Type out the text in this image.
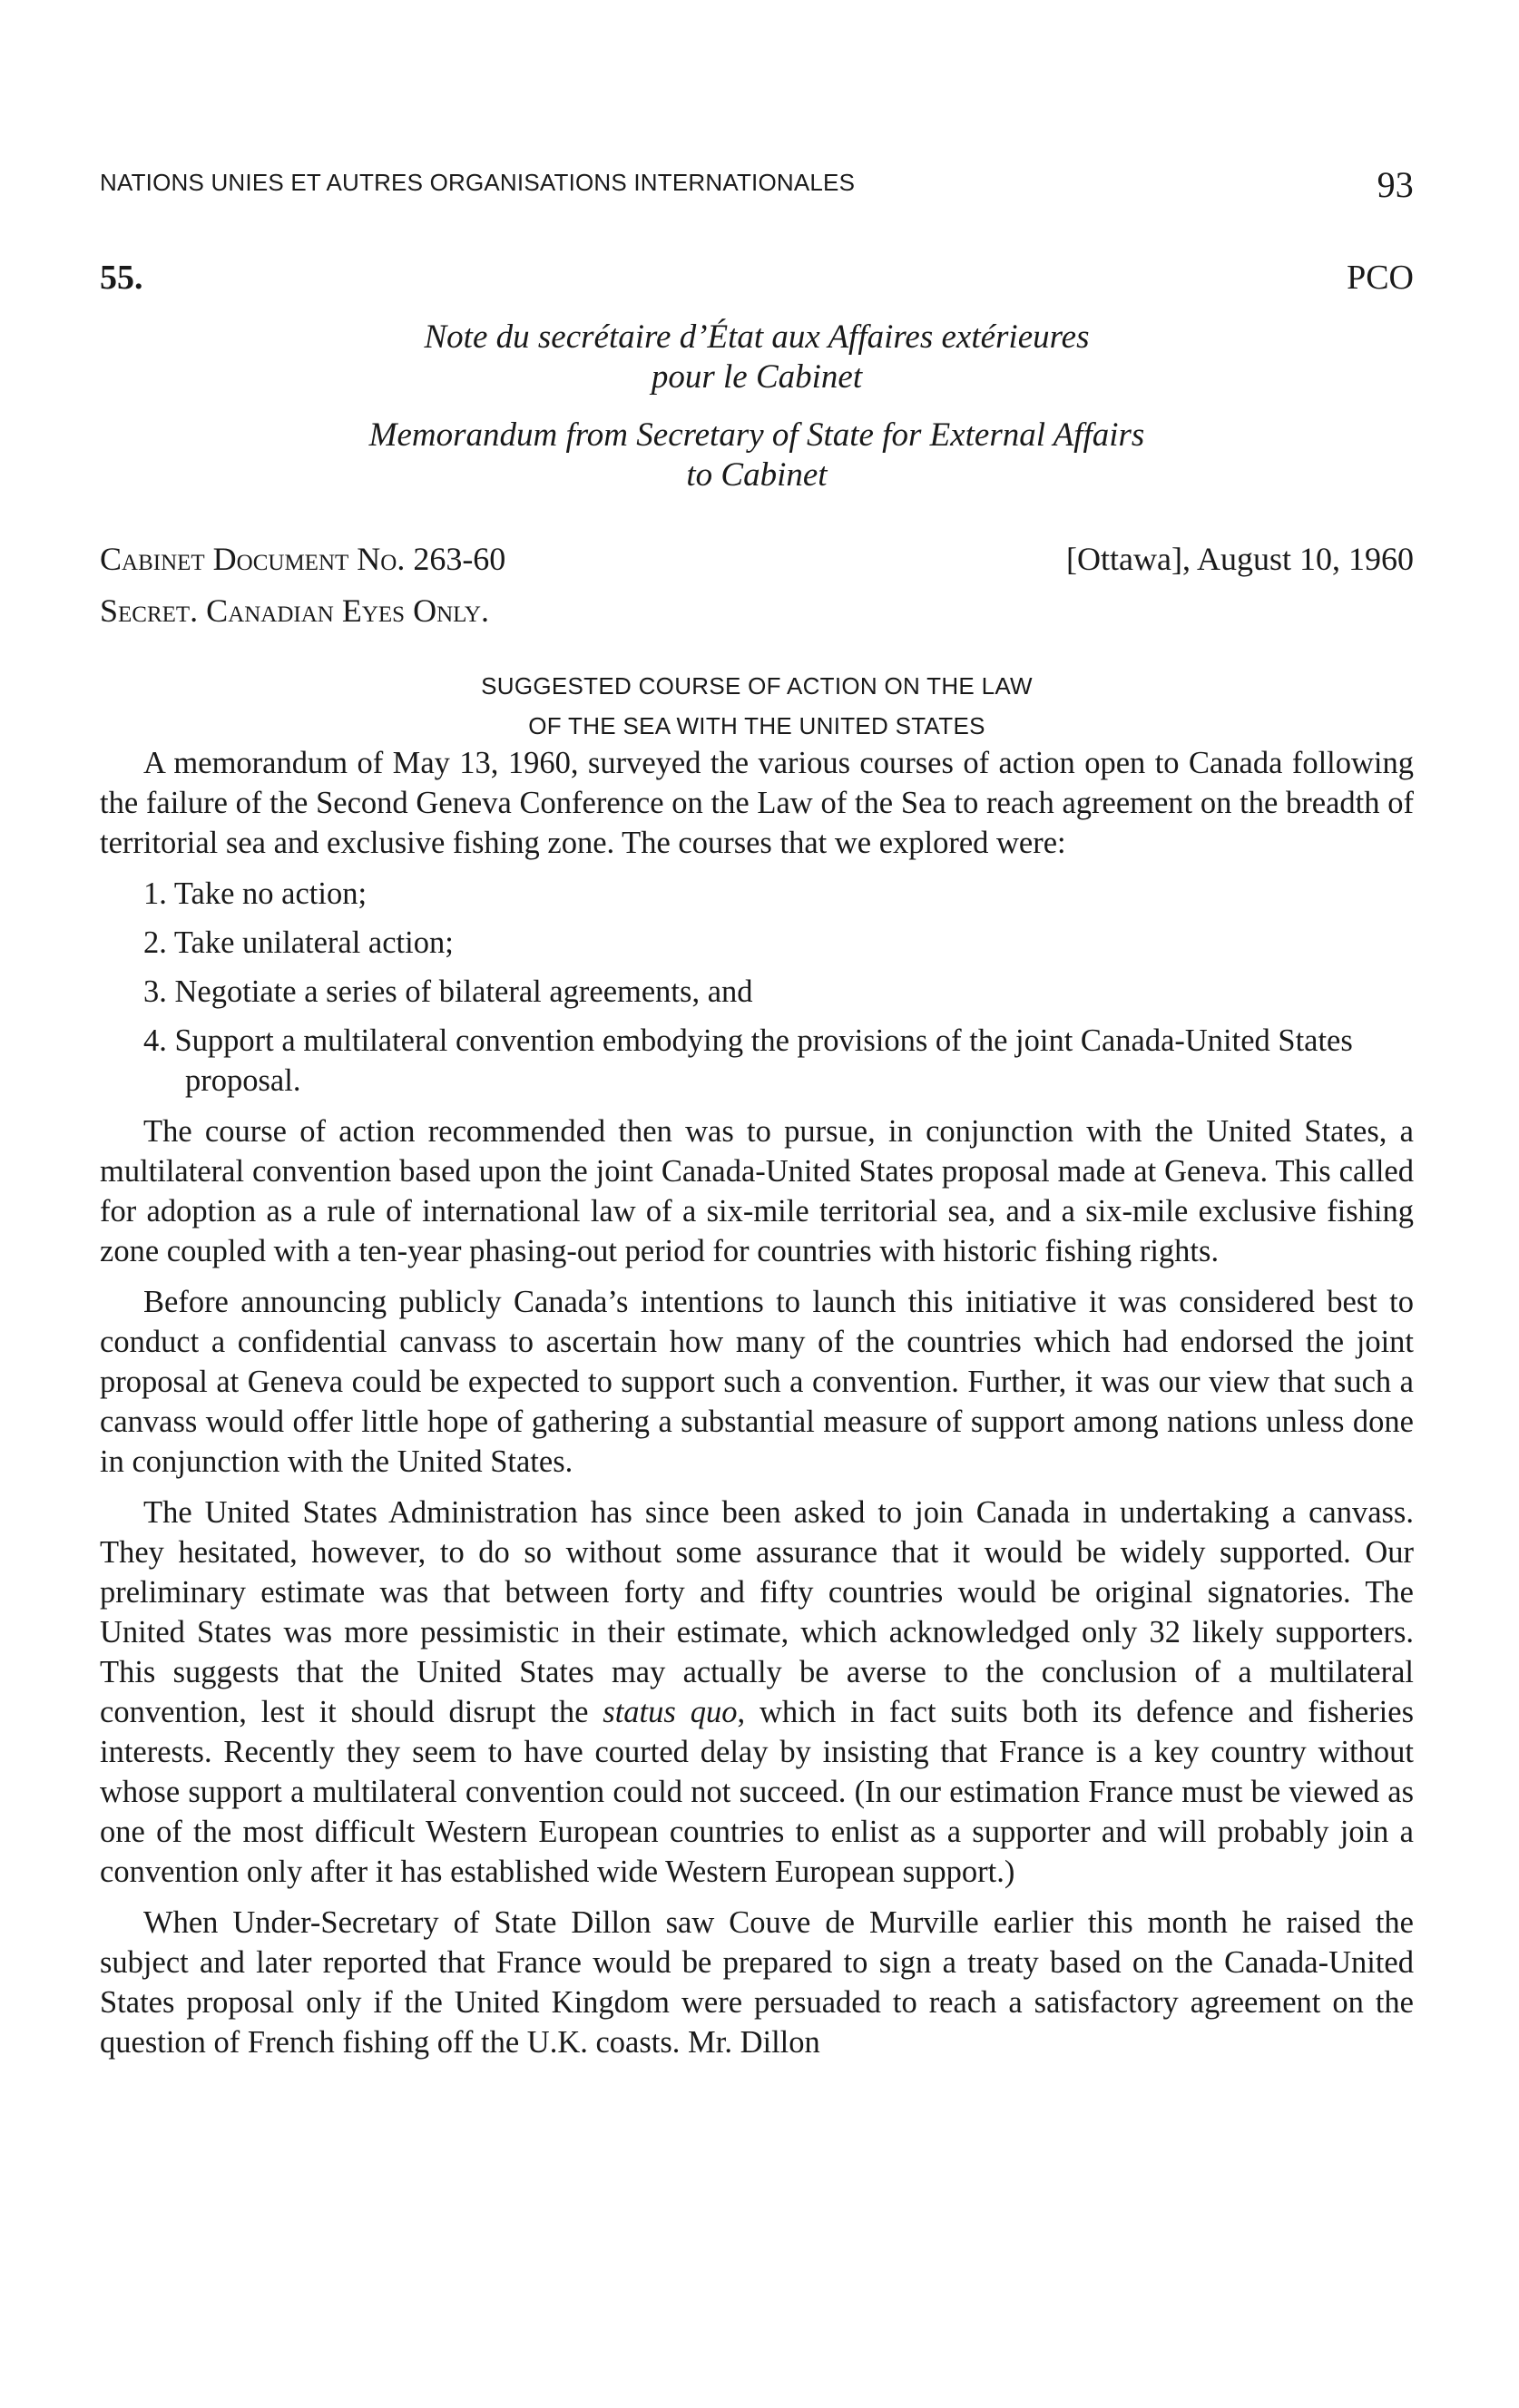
NATIONS UNIES ET AUTRES ORGANISATIONS INTERNATIONALES	93
55.	PCO
Note du secrétaire d’État aux Affaires extérieures
pour le Cabinet
Memorandum from Secretary of State for External Affairs
to Cabinet
Cabinet Document No. 263-60
Secret. Canadian Eyes Only.
[Ottawa], August 10, 1960
SUGGESTED COURSE OF ACTION ON THE LAW
OF THE SEA WITH THE UNITED STATES

A memorandum of May 13, 1960, surveyed the various courses of action open to Canada following the failure of the Second Geneva Conference on the Law of the Sea to reach agreement on the breadth of territorial sea and exclusive fishing zone. The courses that we explored were:

1. Take no action;
2. Take unilateral action;
3. Negotiate a series of bilateral agreements, and
4. Support a multilateral convention embodying the provisions of the joint Canada-United States proposal.

The course of action recommended then was to pursue, in conjunction with the United States, a multilateral convention based upon the joint Canada-United States proposal made at Geneva. This called for adoption as a rule of international law of a six-mile territorial sea, and a six-mile exclusive fishing zone coupled with a ten-year phasing-out period for countries with historic fishing rights.

Before announcing publicly Canada’s intentions to launch this initiative it was considered best to conduct a confidential canvass to ascertain how many of the countries which had endorsed the joint proposal at Geneva could be expected to support such a convention. Further, it was our view that such a canvass would offer little hope of gathering a substantial measure of support among nations unless done in conjunction with the United States.

The United States Administration has since been asked to join Canada in undertaking a canvass. They hesitated, however, to do so without some assurance that it would be widely supported. Our preliminary estimate was that between forty and fifty countries would be original signatories. The United States was more pessimistic in their estimate, which acknowledged only 32 likely supporters. This suggests that the United States may actually be averse to the conclusion of a multilateral convention, lest it should disrupt the status quo, which in fact suits both its defence and fisheries interests. Recently they seem to have courted delay by insisting that France is a key country without whose support a multilateral convention could not succeed. (In our estimation France must be viewed as one of the most difficult Western European countries to enlist as a supporter and will probably join a convention only after it has established wide Western European support.)

When Under-Secretary of State Dillon saw Couve de Murville earlier this month he raised the subject and later reported that France would be prepared to sign a treaty based on the Canada-United States proposal only if the United Kingdom were persuaded to reach a satisfactory agreement on the question of French fishing off the U.K. coasts. Mr. Dillon
